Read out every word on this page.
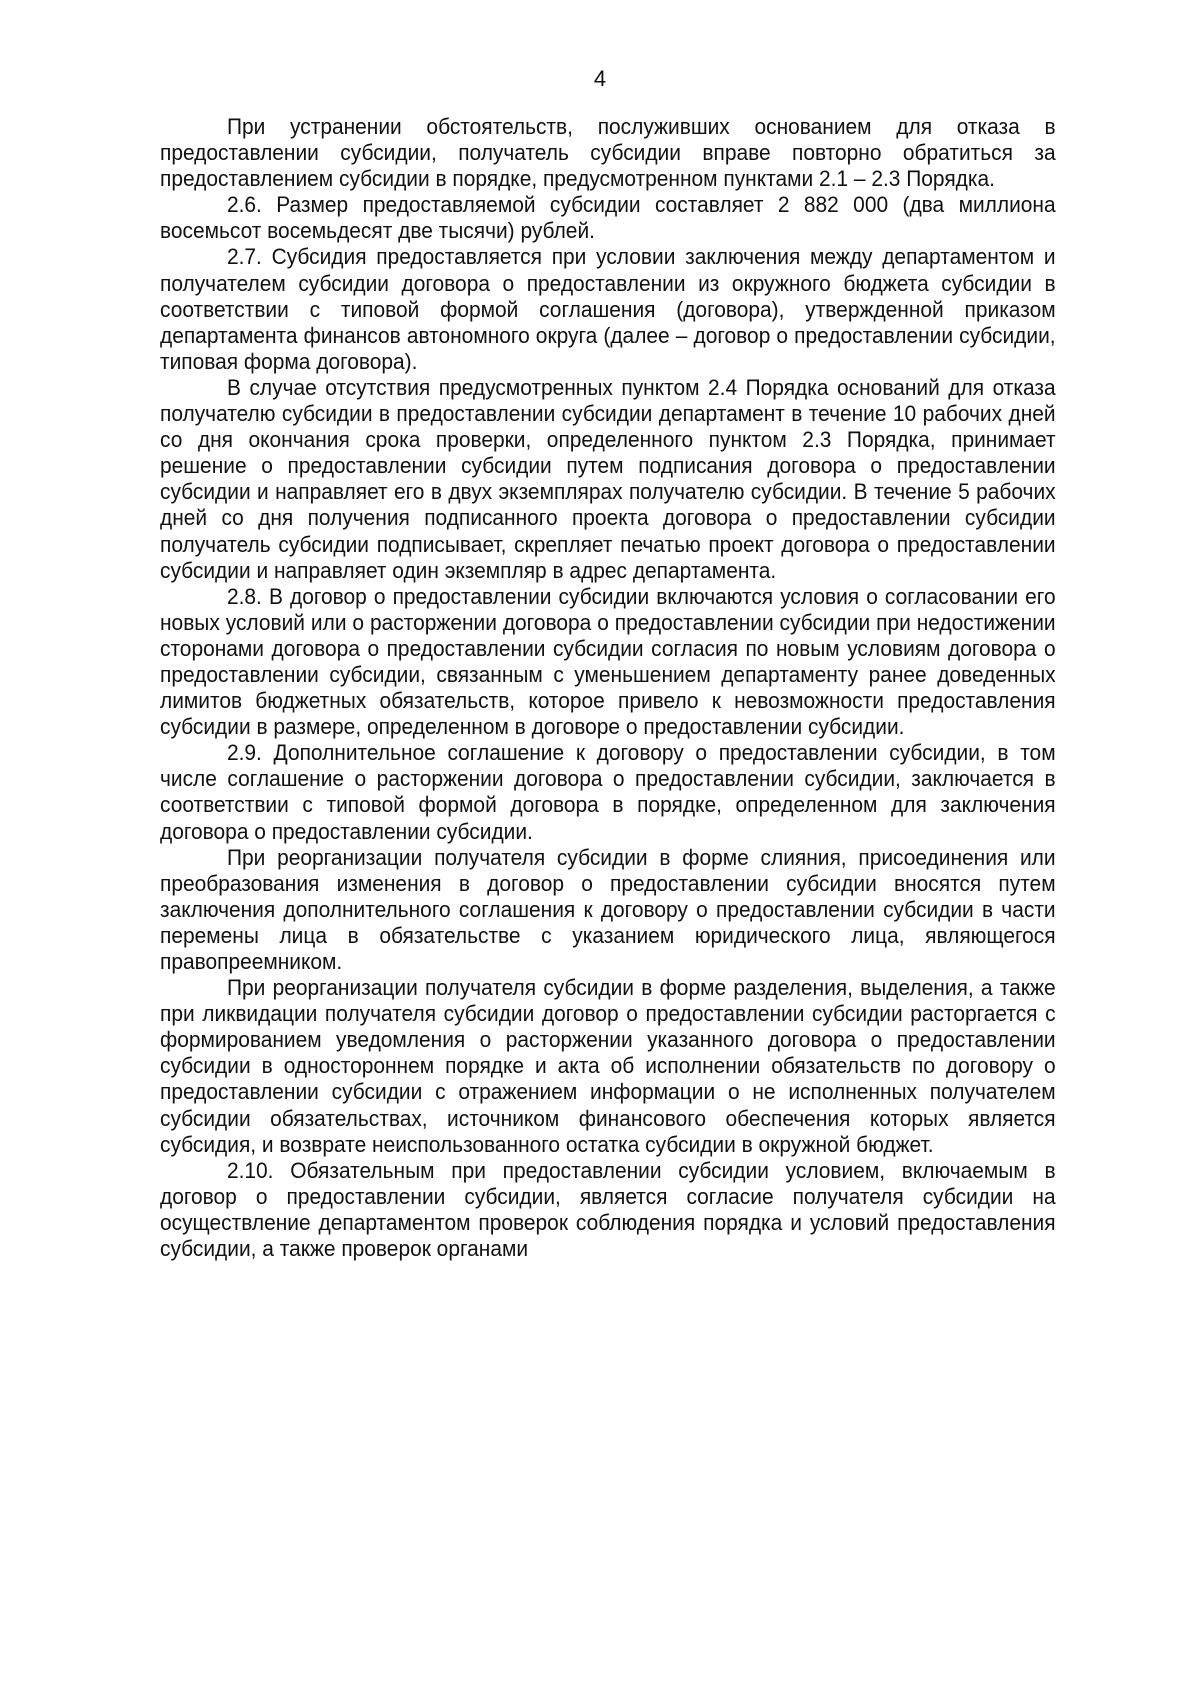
4

При устранении обстоятельств, послуживших основанием для отказа в предоставлении субсидии, получатель субсидии вправе повторно обратиться за предоставлением субсидии в порядке, предусмотренном пунктами 2.1 – 2.3 Порядка.

2.6. Размер предоставляемой субсидии составляет 2 882 000 (два миллиона восемьсот восемьдесят две тысячи) рублей.

2.7. Субсидия предоставляется при условии заключения между департаментом и получателем субсидии договора о предоставлении из окружного бюджета субсидии в соответствии с типовой формой соглашения (договора), утвержденной приказом департамента финансов автономного округа (далее – договор о предоставлении субсидии, типовая форма договора).

В случае отсутствия предусмотренных пунктом 2.4 Порядка оснований для отказа получателю субсидии в предоставлении субсидии департамент в течение 10 рабочих дней со дня окончания срока проверки, определенного пунктом 2.3 Порядка, принимает решение о предоставлении субсидии путем подписания договора о предоставлении субсидии и направляет его в двух экземплярах получателю субсидии. В течение 5 рабочих дней со дня получения подписанного проекта договора о предоставлении субсидии получатель субсидии подписывает, скрепляет печатью проект договора о предоставлении субсидии и направляет один экземпляр в адрес департамента.

2.8. В договор о предоставлении субсидии включаются условия о согласовании его новых условий или о расторжении договора о предоставлении субсидии при недостижении сторонами договора о предоставлении субсидии согласия по новым условиям договора о предоставлении субсидии, связанным с уменьшением департаменту ранее доведенных лимитов бюджетных обязательств, которое привело к невозможности предоставления субсидии в размере, определенном в договоре о предоставлении субсидии.

2.9. Дополнительное соглашение к договору о предоставлении субсидии, в том числе соглашение о расторжении договора о предоставлении субсидии, заключается в соответствии с типовой формой договора в порядке, определенном для заключения договора о предоставлении субсидии.

При реорганизации получателя субсидии в форме слияния, присоединения или преобразования изменения в договор о предоставлении субсидии вносятся путем заключения дополнительного соглашения к договору о предоставлении субсидии в части перемены лица в обязательстве с указанием юридического лица, являющегося правопреемником.

При реорганизации получателя субсидии в форме разделения, выделения, а также при ликвидации получателя субсидии договор о предоставлении субсидии расторгается с формированием уведомления о расторжении указанного договора о предоставлении субсидии в одностороннем порядке и акта об исполнении обязательств по договору о предоставлении субсидии с отражением информации о не исполненных получателем субсидии обязательствах, источником финансового обеспечения которых является субсидия, и возврате неиспользованного остатка субсидии в окружной бюджет.

2.10. Обязательным при предоставлении субсидии условием, включаемым в договор о предоставлении субсидии, является согласие получателя субсидии на осуществление департаментом проверок соблюдения порядка и условий предоставления субсидии, а также проверок органами
